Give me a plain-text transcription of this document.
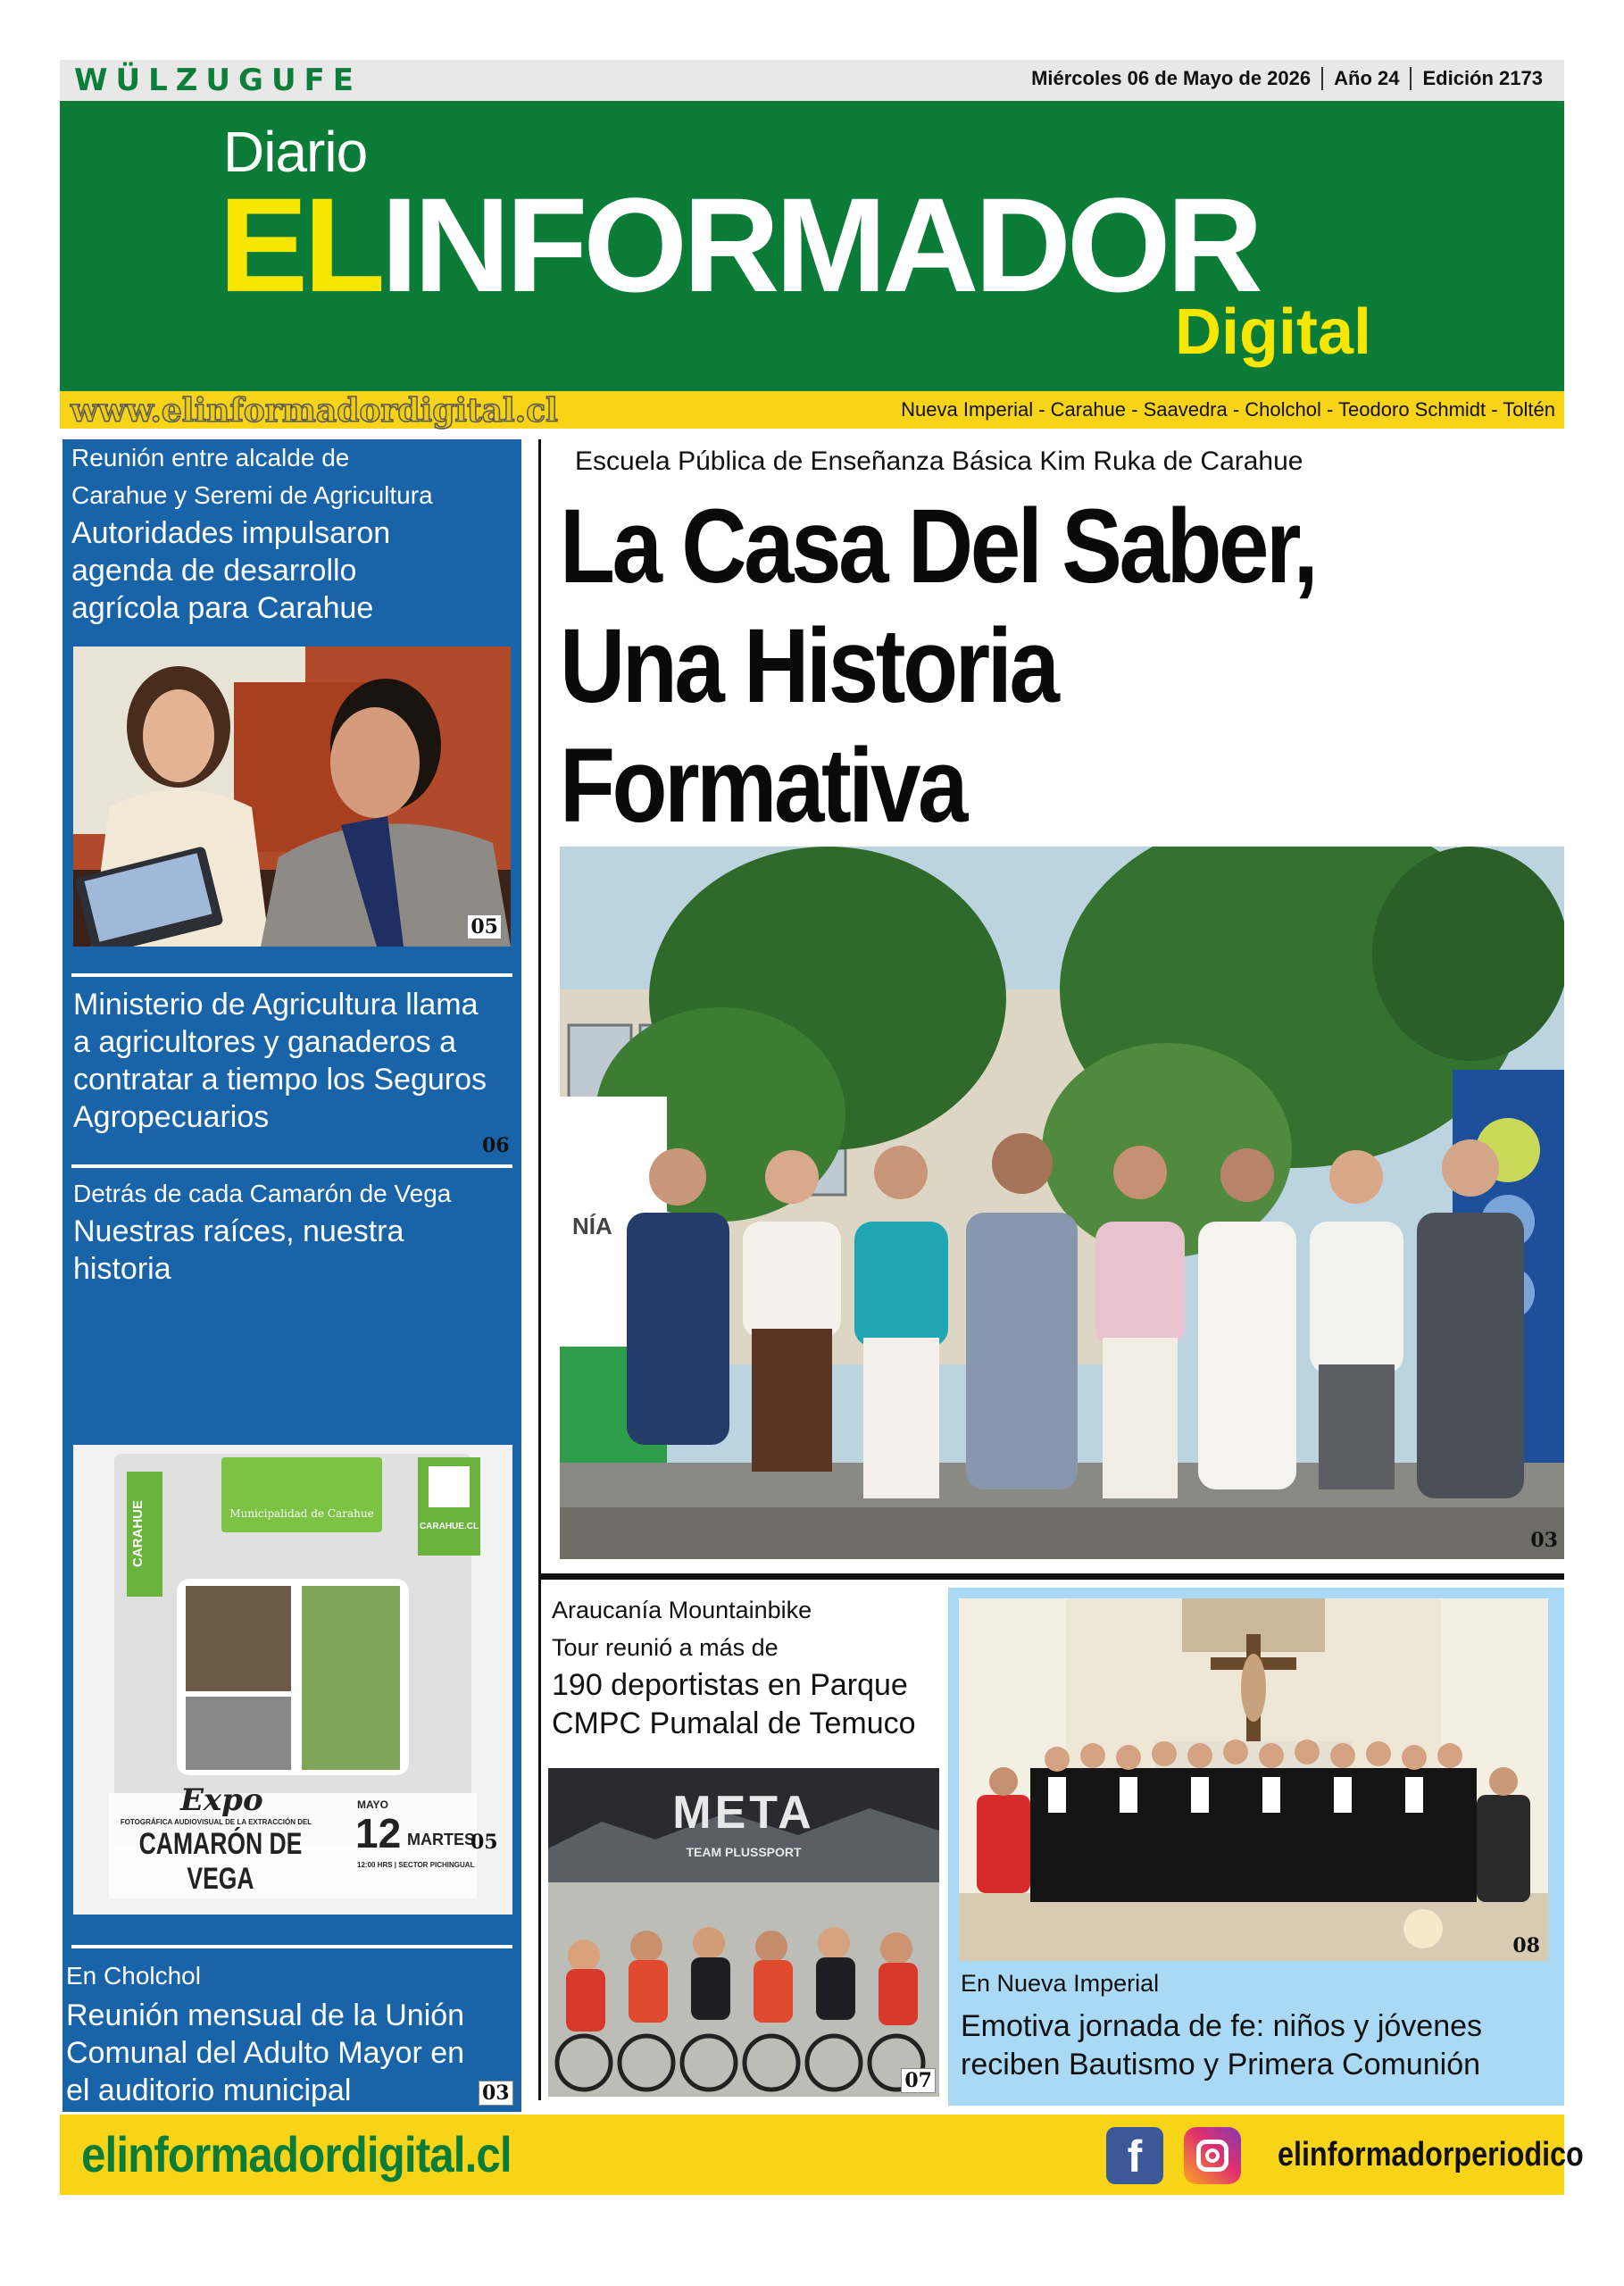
WÜLZUGUFE	Miércoles 06 de Mayo de 2026	Año 24	Edición 2173
Diario
ELINFORMADOR
Digital
www.elinformadordigital.cl	Nueva Imperial - Carahue - Saavedra - Cholchol - Teodoro Schmidt - Toltén
Reunión entre alcalde de
Carahue y Seremi de Agricultura
Autoridades impulsaron
agenda de desarrollo
agrícola para Carahue
05
Ministerio de Agricultura llama
a agricultores y ganaderos a
contratar a tiempo los Seguros
Agropecuarios
06
Detrás de cada Camarón de Vega
Nuestras raíces, nuestra
historia
CARAHUE	Municipalidad de Carahue
CARAHUE.CL
Expo
FOTOGRÁFICA AUDIOVISUAL DE LA EXTRACCIÓN DEL
CAMARÓN DE VEGA
MAYO
12 MARTES
12:00 HRS | SECTOR PICHINGUAL
05
En Cholchol
Reunión mensual de la Unión
Comunal del Adulto Mayor en
el auditorio municipal	03
Escuela Pública de Enseñanza Básica Kim Ruka de Carahue
La Casa Del Saber,
Una Historia Formativa
NÍA
03
Araucanía Mountainbike
Tour reunió a más de
190 deportistas en Parque
CMPC Pumalal de Temuco
META
TEAM PLUSSPORT
07
08
En Nueva Imperial
Emotiva jornada de fe: niños y jóvenes
reciben Bautismo y Primera Comunión
elinformadordigital.cl	f	elinformadorperiodico
